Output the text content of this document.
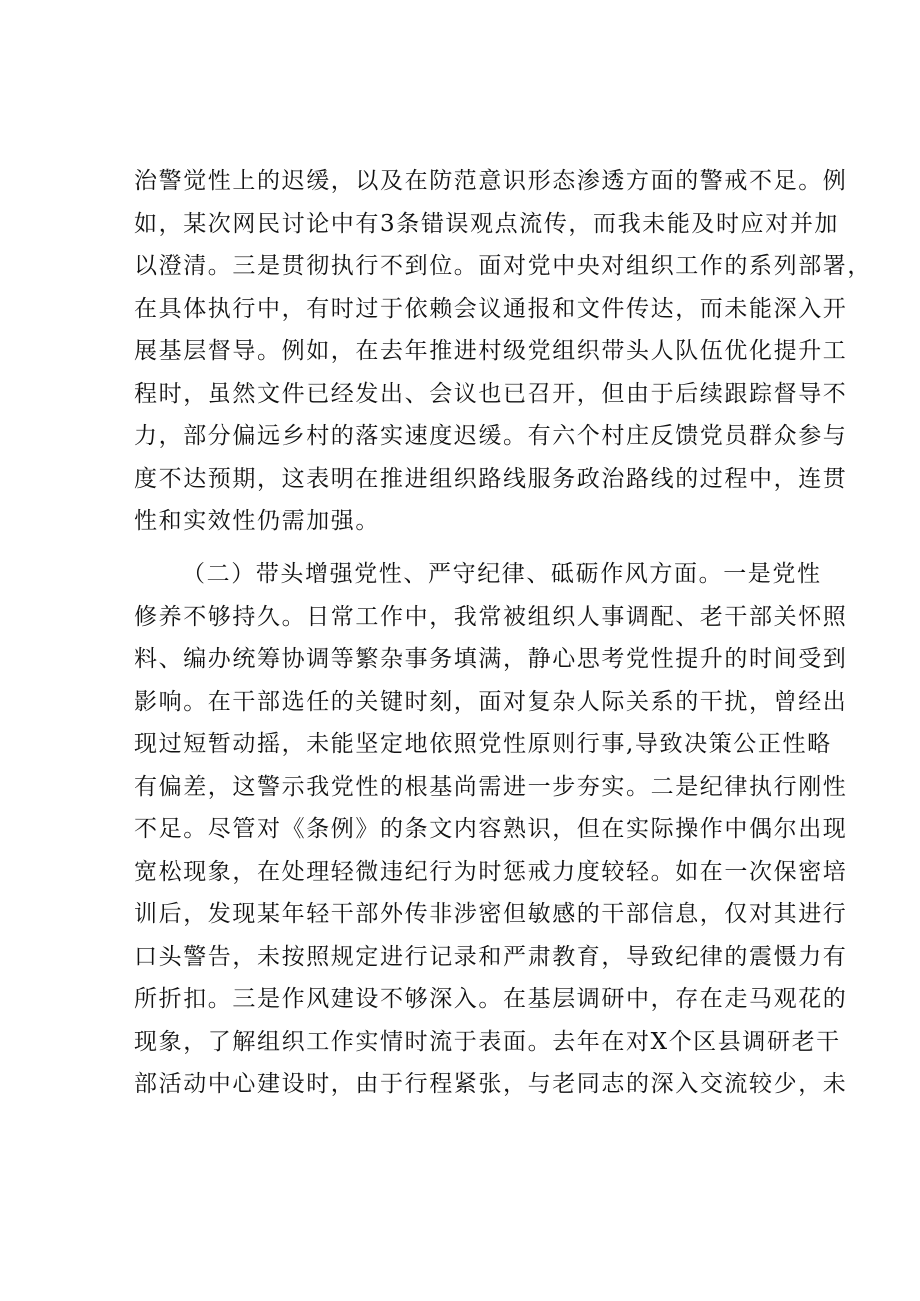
治警觉性上的迟缓，以及在防范意识形态渗透方面的警戒不足。例
如，某次网民讨论中有3条错误观点流传，而我未能及时应对并加
以澄清。三是贯彻执行不到位。面对党中央对组织工作的系列部署，
在具体执行中，有时过于依赖会议通报和文件传达，而未能深入开
展基层督导。例如，在去年推进村级党组织带头人队伍优化提升工
程时，虽然文件已经发出、会议也已召开，但由于后续跟踪督导不
力，部分偏远乡村的落实速度迟缓。有六个村庄反馈党员群众参与
度不达预期，这表明在推进组织路线服务政治路线的过程中，连贯
性和实效性仍需加强。
（二）带头增强党性、严守纪律、砥砺作风方面。一是党性
修养不够持久。日常工作中，我常被组织人事调配、老干部关怀照
料、编办统筹协调等繁杂事务填满，静心思考党性提升的时间受到
影响。在干部选任的关键时刻，面对复杂人际关系的干扰，曾经出
现过短暂动摇，未能坚定地依照党性原则行事,导致决策公正性略
有偏差，这警示我党性的根基尚需进一步夯实。二是纪律执行刚性
不足。尽管对《条例》的条文内容熟识，但在实际操作中偶尔出现
宽松现象，在处理轻微违纪行为时惩戒力度较轻。如在一次保密培
训后，发现某年轻干部外传非涉密但敏感的干部信息，仅对其进行
口头警告，未按照规定进行记录和严肃教育，导致纪律的震慑力有
所折扣。三是作风建设不够深入。在基层调研中，存在走马观花的
现象，了解组织工作实情时流于表面。去年在对X个区县调研老干
部活动中心建设时，由于行程紧张，与老同志的深入交流较少，未
